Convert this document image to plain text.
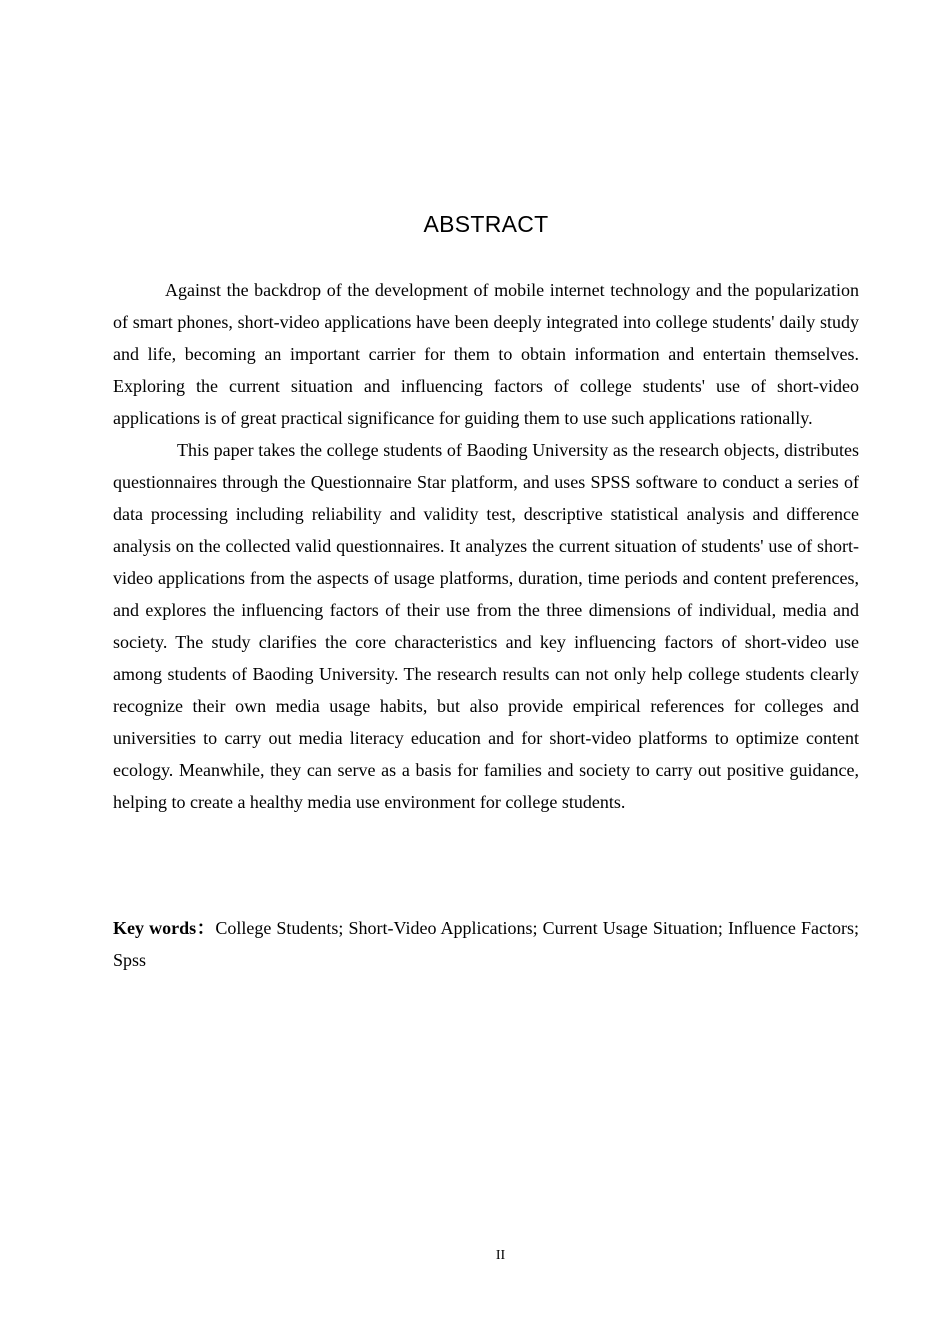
ABSTRACT

Against the backdrop of the development of mobile internet technology and the popularization of smart phones, short-video applications have been deeply integrated into college students' daily study and life, becoming an important carrier for them to obtain information and entertain themselves. Exploring the current situation and influencing factors of college students' use of short-video applications is of great practical significance for guiding them to use such applications rationally.

This paper takes the college students of Baoding University as the research objects, distributes questionnaires through the Questionnaire Star platform, and uses SPSS software to conduct a series of data processing including reliability and validity test, descriptive statistical analysis and difference analysis on the collected valid questionnaires. It analyzes the current situation of students' use of short-video applications from the aspects of usage platforms, duration, time periods and content preferences, and explores the influencing factors of their use from the three dimensions of individual, media and society. The study clarifies the core characteristics and key influencing factors of short-video use among students of Baoding University. The research results can not only help college students clearly recognize their own media usage habits, but also provide empirical references for colleges and universities to carry out media literacy education and for short-video platforms to optimize content ecology. Meanwhile, they can serve as a basis for families and society to carry out positive guidance, helping to create a healthy media use environment for college students.

Key words：College Students; Short-Video Applications; Current Usage Situation; Influence Factors; Spss

II
